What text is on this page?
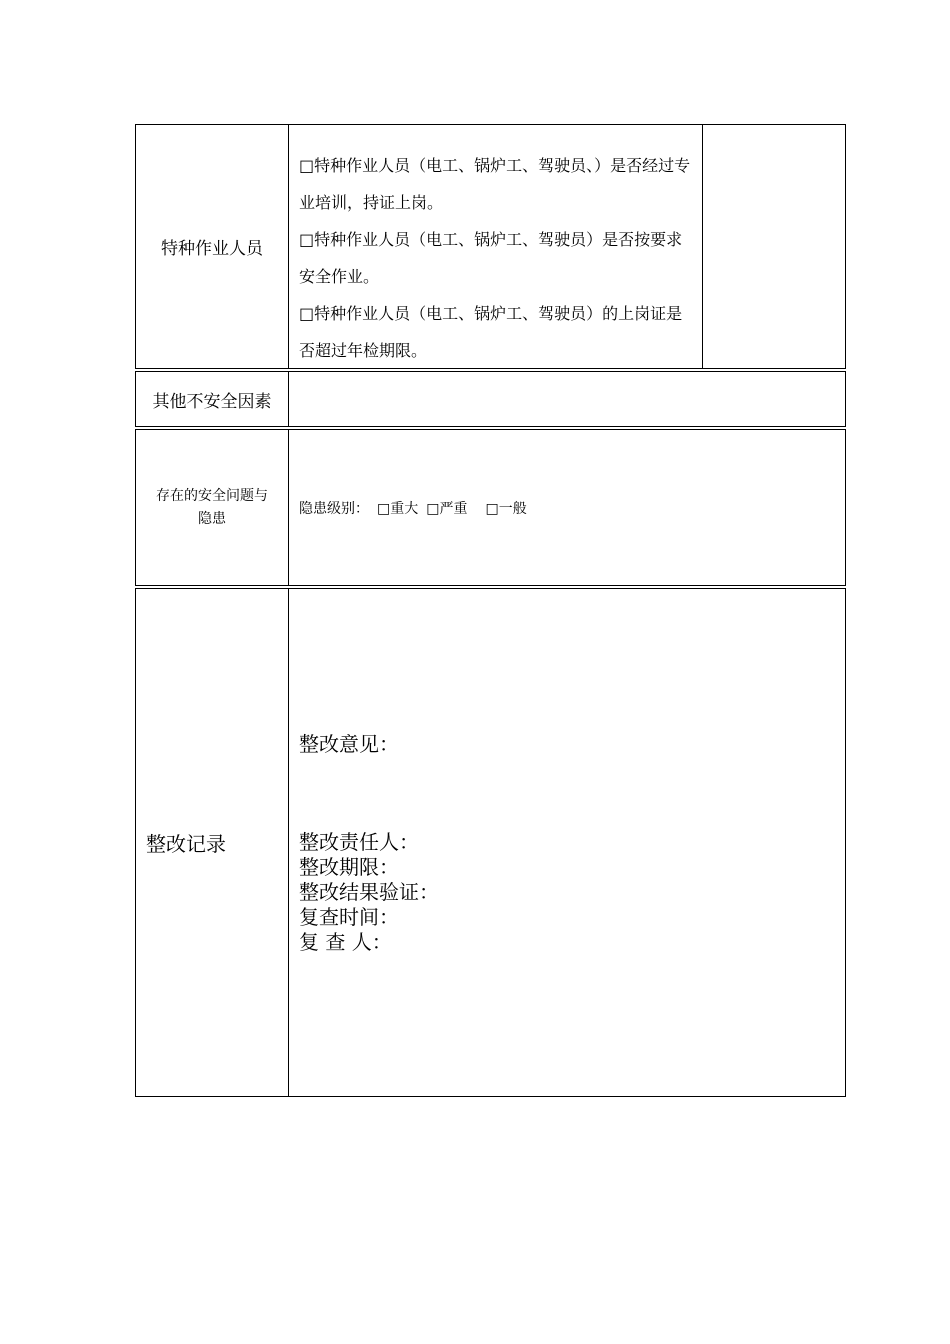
特种作业人员

□特种作业人员（电工、锅炉工、驾驶员、）是否经过专业培训，持证上岗。

□特种作业人员（电工、锅炉工、驾驶员）是否按要求安全作业。

□特种作业人员（电工、锅炉工、驾驶员）的上岗证是否超过年检期限。

其他不安全因素
存在的安全问题与
隐患
隐患级别： □重大 □严重 □一般
整改记录

整改意见：

整改责任人：
整改期限：
整改结果验证：
复查时间：
复 查 人：
